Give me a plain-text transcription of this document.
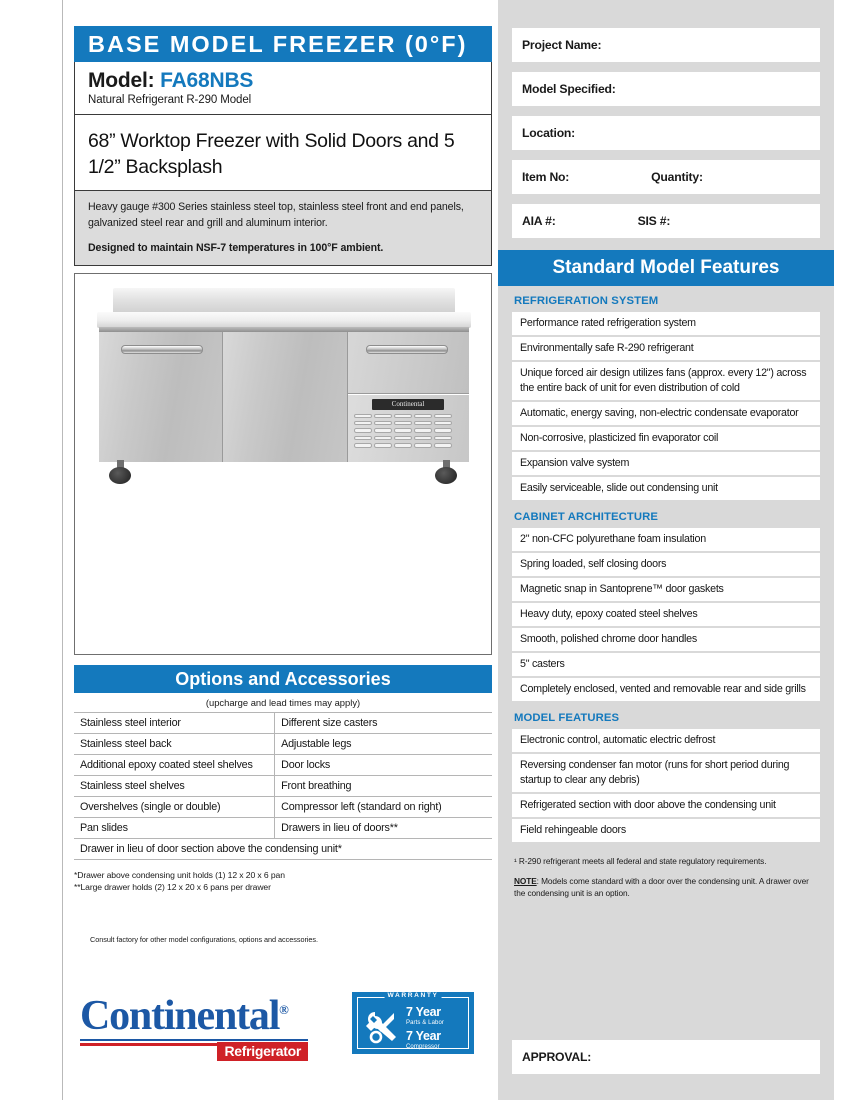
BASE MODEL FREEZER (0°F)
Model: FA68NBS
Natural Refrigerant R-290 Model
68” Worktop Freezer with Solid Doors and 5 1/2” Backsplash

Heavy gauge #300 Series stainless steel top, stainless steel front and end panels, galvanized steel rear and grill and aluminum interior.

Designed to maintain NSF-7 temperatures in 100°F ambient.

Continental
Options and Accessories
(upcharge and lead times may apply)
Stainless steel interior	Different size casters
Stainless steel back	Adjustable legs
Additional epoxy coated steel shelves	Door locks
Stainless steel shelves	Front breathing
Overshelves (single or double)	Compressor left (standard on right)
Pan slides	Drawers in lieu of doors**
Drawer in lieu of door section above the condensing unit*	
*Drawer above condensing unit holds (1) 12 x 20 x 6 pan
**Large drawer holds (2) 12 x 20 x 6 pans per drawer
Consult factory for other model configurations, options and accessories.
Continental®
Refrigerator
WARRANTY
7 Year
Parts & Labor
7 Year
Compressor
Project Name:
Model Specified:
Location:
Item No:	Quantity:
AIA #:	SIS #:
Standard Model Features
REFRIGERATION SYSTEM
Performance rated refrigeration system
Environmentally safe R-290 refrigerant
Unique forced air design utilizes fans (approx. every 12") across the entire back of unit for even distribution of cold
Automatic, energy saving, non-electric condensate evaporator
Non-corrosive, plasticized fin evaporator coil
Expansion valve system
Easily serviceable, slide out condensing unit
CABINET ARCHITECTURE
2" non-CFC polyurethane foam insulation
Spring loaded, self closing doors
Magnetic snap in Santoprene™ door gaskets
Heavy duty, epoxy coated steel shelves
Smooth, polished chrome door handles
5" casters
Completely enclosed, vented and removable rear and side grills
MODEL FEATURES
Electronic control, automatic electric defrost
Reversing condenser fan motor (runs for short period during startup to clear any debris)
Refrigerated section with door above the condensing unit
Field rehingeable doors
¹ R-290 refrigerant meets all federal and state regulatory requirements.
NOTE: Models come standard with a door over the condensing unit. A drawer over the condensing unit is an option.
APPROVAL:
